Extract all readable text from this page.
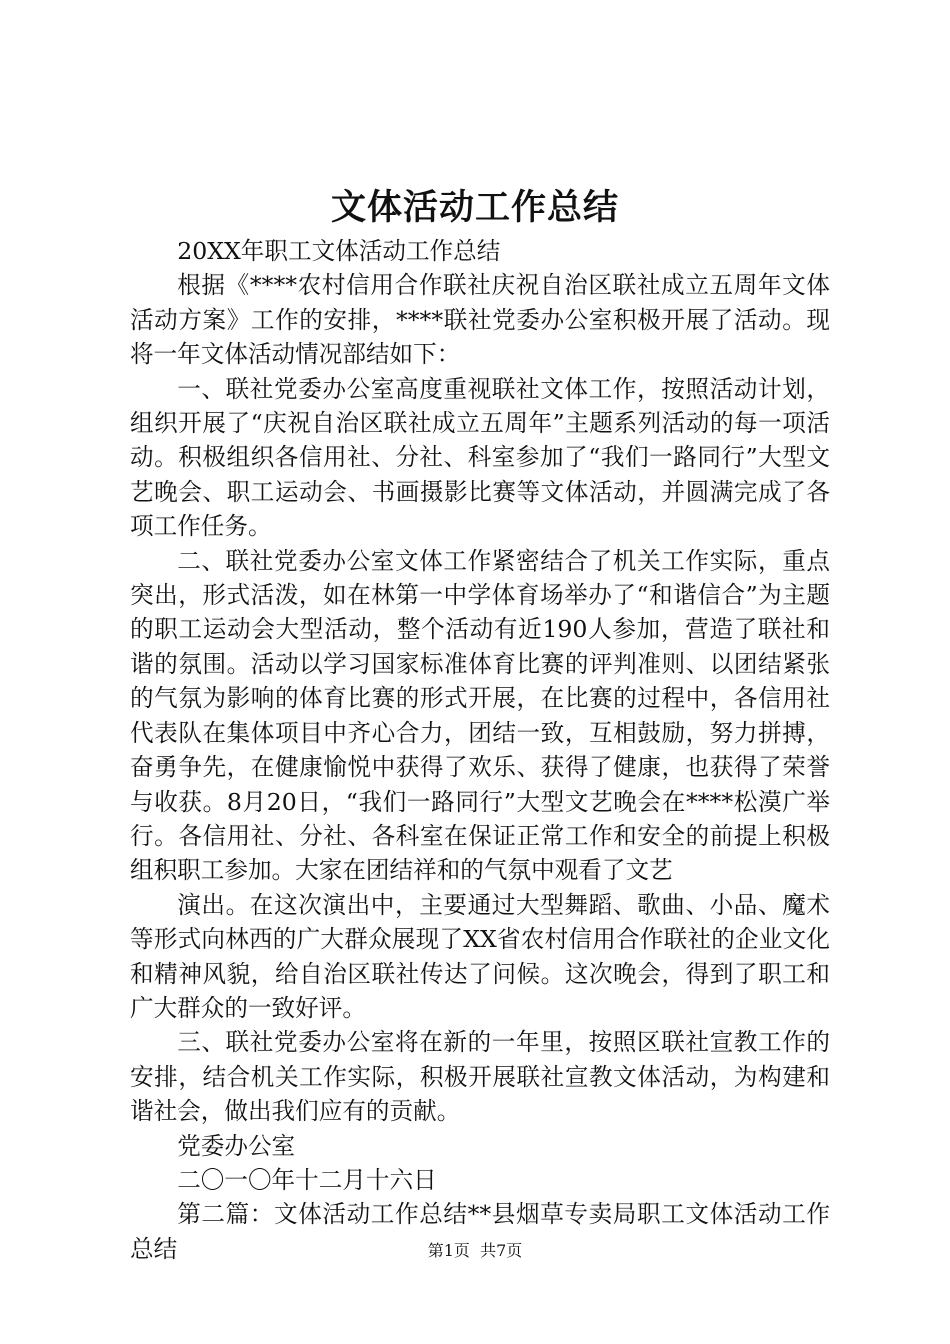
文体活动工作总结

20XX年职工文体活动工作总结

根据《****农村信用合作联社庆祝自治区联社成立五周年文体活动方案》工作的安排，****联社党委办公室积极开展了活动。现将一年文体活动情况部结如下：

一、联社党委办公室高度重视联社文体工作，按照活动计划，组织开展了“庆祝自治区联社成立五周年”主题系列活动的每一项活动。积极组织各信用社、分社、科室参加了“我们一路同行”大型文艺晚会、职工运动会、书画摄影比赛等文体活动，并圆满完成了各项工作任务。

二、联社党委办公室文体工作紧密结合了机关工作实际，重点突出，形式活泼，如在林第一中学体育场举办了“和谐信合”为主题的职工运动会大型活动，整个活动有近190人参加，营造了联社和谐的氛围。活动以学习国家标准体育比赛的评判准则、以团结紧张的气氛为影响的体育比赛的形式开展，在比赛的过程中，各信用社代表队在集体项目中齐心合力，团结一致，互相鼓励，努力拼搏，奋勇争先，在健康愉悦中获得了欢乐、获得了健康，也获得了荣誉与收获。8月20日，“我们一路同行”大型文艺晚会在****松漠广举行。各信用社、分社、各科室在保证正常工作和安全的前提上积极组积职工参加。大家在团结祥和的气氛中观看了文艺

演出。在这次演出中，主要通过大型舞蹈、歌曲、小品、魔术等形式向林西的广大群众展现了XX省农村信用合作联社的企业文化和精神风貌，给自治区联社传达了问候。这次晚会，得到了职工和广大群众的一致好评。

三、联社党委办公室将在新的一年里，按照区联社宣教工作的安排，结合机关工作实际，积极开展联社宣教文体活动，为构建和谐社会，做出我们应有的贡献。

党委办公室

二〇一〇年十二月十六日

第二篇：文体活动工作总结**县烟草专卖局职工文体活动工作总结	第1页 共7页
